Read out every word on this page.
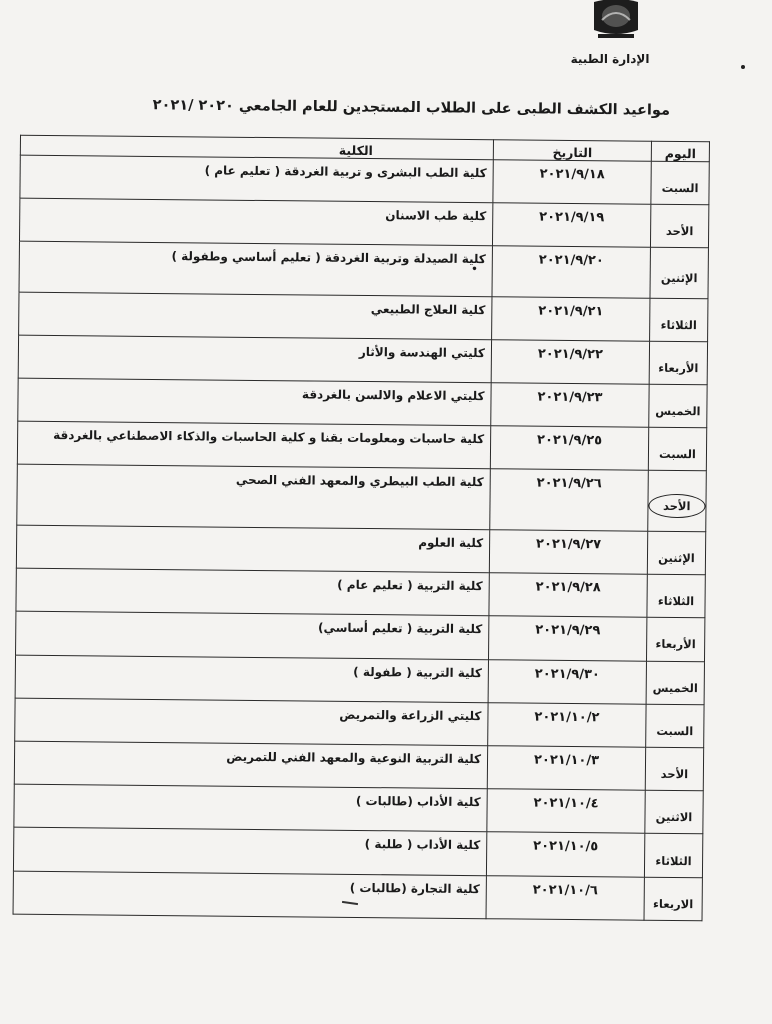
الإدارة الطبية
مواعيد الكشف الطبى على الطلاب المستجدين للعام الجامعي ٢٠٢٠ /٢٠٢١
اليوم	التاريخ	الكلية
السبت	٢٠٢١/٩/١٨	كلية الطب البشرى و تربية الغردقة ( تعليم عام )
الأحد	٢٠٢١/٩/١٩	كلية طب الاسنان
الإثنين	٢٠٢١/٩/٢٠	كلية الصيدلة وتربية الغردقة ( تعليم أساسي وطفولة )
•

الثلاثاء	٢٠٢١/٩/٢١	كلية العلاج الطبيعي
الأربعاء	٢٠٢١/٩/٢٢	كليتي الهندسة والأثار
الخميس	٢٠٢١/٩/٢٣	كليتي الاعلام والالسن بالغردقة
السبت	٢٠٢١/٩/٢٥	كلية حاسبات ومعلومات بقنا و كلية الحاسبات والذكاء الاصطناعي بالغردقة
الأحد	٢٠٢١/٩/٢٦	كلية الطب البيطري والمعهد الفني الصحي
الإثنين	٢٠٢١/٩/٢٧	كلية العلوم
الثلاثاء	٢٠٢١/٩/٢٨	كلية التربية ( تعليم عام )
الأربعاء	٢٠٢١/٩/٢٩	كلية التربية ( تعليم أساسي)
الخميس	٢٠٢١/٩/٣٠	كلية التربية ( طفولة )
السبت	٢٠٢١/١٠/٢	كليتي الزراعة والتمريض
الأحد	٢٠٢١/١٠/٣	كلية التربية النوعية والمعهد الفني للتمريض
الاثنين	٢٠٢١/١٠/٤	كلية الأداب (طالبات )
الثلاثاء	٢٠٢١/١٠/٥	كلية الأداب ( طلبة )
الاربعاء	٢٠٢١/١٠/٦	كلية التجارة (طالبات )
